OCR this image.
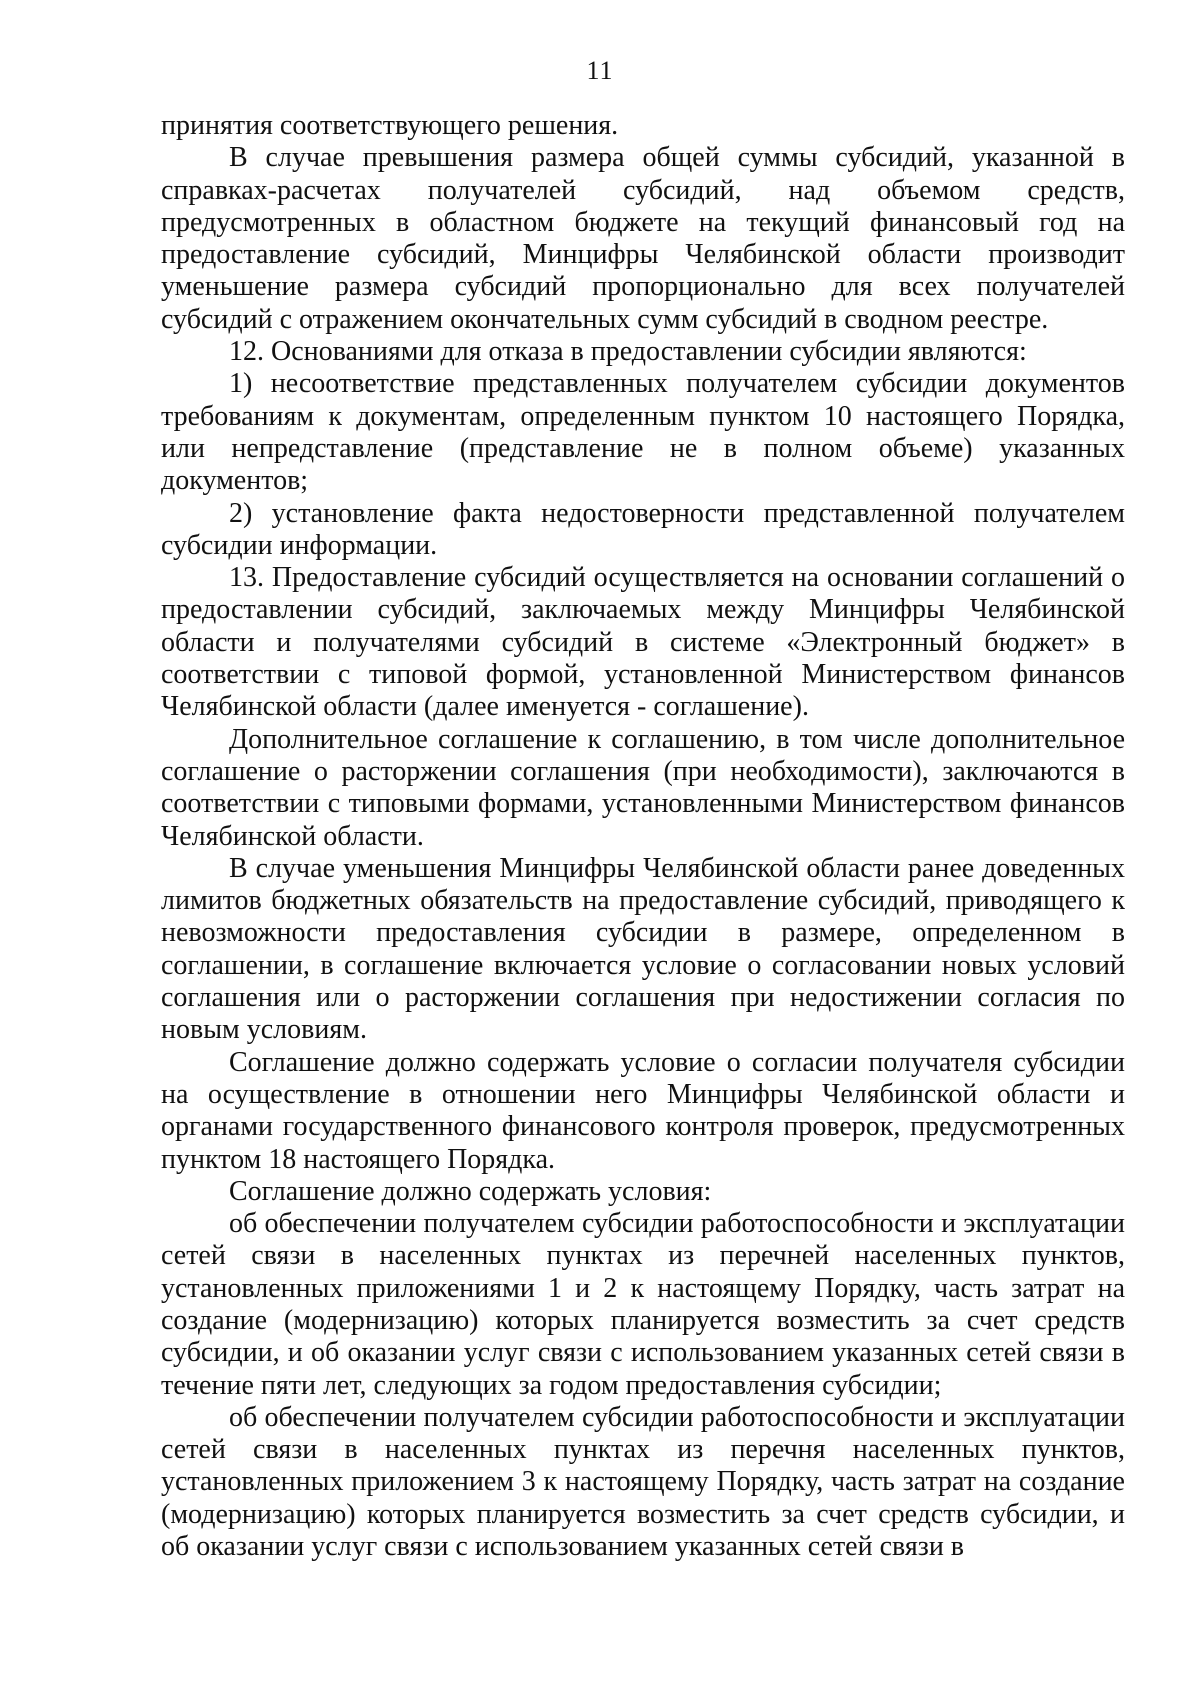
11

принятия соответствующего решения.

В случае превышения размера общей суммы субсидий, указанной в справках-расчетах получателей субсидий, над объемом средств, предусмотренных в областном бюджете на текущий финансовый год на предоставление субсидий, Минцифры Челябинской области производит уменьшение размера субсидий пропорционально для всех получателей субсидий с отражением окончательных сумм субсидий в сводном реестре.

12. Основаниями для отказа в предоставлении субсидии являются:

1) несоответствие представленных получателем субсидии документов требованиям к документам, определенным пунктом 10 настоящего Порядка, или непредставление (представление не в полном объеме) указанных документов;

2) установление факта недостоверности представленной получателем субсидии информации.

13. Предоставление субсидий осуществляется на основании соглашений о предоставлении субсидий, заключаемых между Минцифры Челябинской области и получателями субсидий в системе «Электронный бюджет» в соответствии с типовой формой, установленной Министерством финансов Челябинской области (далее именуется - соглашение).

Дополнительное соглашение к соглашению, в том числе дополнительное соглашение о расторжении соглашения (при необходимости), заключаются в соответствии с типовыми формами, установленными Министерством финансов Челябинской области.

В случае уменьшения Минцифры Челябинской области ранее доведенных лимитов бюджетных обязательств на предоставление субсидий, приводящего к невозможности предоставления субсидии в размере, определенном в соглашении, в соглашение включается условие о согласовании новых условий соглашения или о расторжении соглашения при недостижении согласия по новым условиям.

Соглашение должно содержать условие о согласии получателя субсидии на осуществление в отношении него Минцифры Челябинской области и органами государственного финансового контроля проверок, предусмотренных пунктом 18 настоящего Порядка.

Соглашение должно содержать условия:

об обеспечении получателем субсидии работоспособности и эксплуатации сетей связи в населенных пунктах из перечней населенных пунктов, установленных приложениями 1 и 2 к настоящему Порядку, часть затрат на создание (модернизацию) которых планируется возместить за счет средств субсидии, и об оказании услуг связи с использованием указанных сетей связи в течение пяти лет, следующих за годом предоставления субсидии;

об обеспечении получателем субсидии работоспособности и эксплуатации сетей связи в населенных пунктах из перечня населенных пунктов, установленных приложением 3 к настоящему Порядку, часть затрат на создание (модернизацию) которых планируется возместить за счет средств субсидии, и об оказании услуг связи с использованием указанных сетей связи в
